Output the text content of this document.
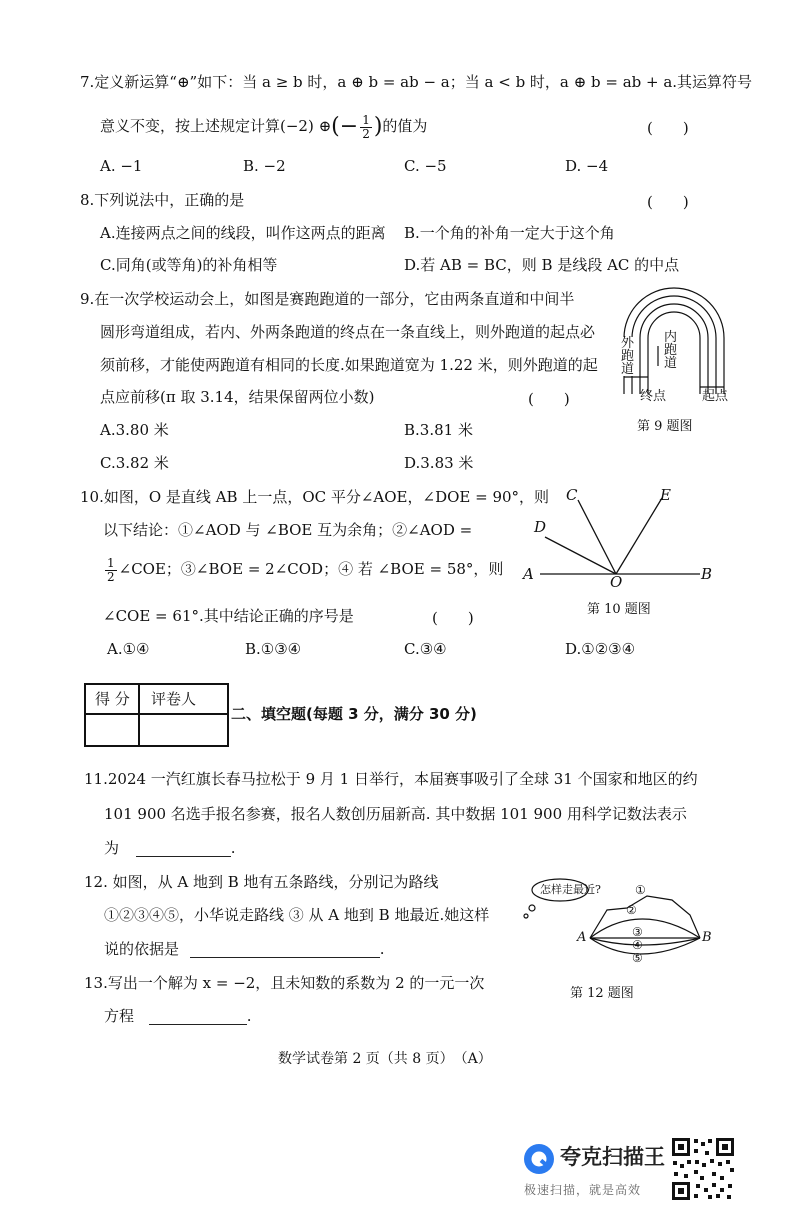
7.定义新运算“⊕”如下：当 a ≥ b 时，a ⊕ b = ab − a；当 a < b 时，a ⊕ b = ab + a.其运算符号
意义不变，按上述规定计算(−2) ⊕(− $\frac{1}{2}$ )的值为	(　　)
A. −1	B. −2	C. −5	D. −4
8.下列说法中，正确的是	(　　)
A.连接两点之间的线段，叫作这两点的距离 B.一个角的补角一定大于这个角
C.同角(或等角)的补角相等	D.若 AB = BC，则 B 是线段 AC 的中点
9.在一次学校运动会上，如图是赛跑跑道的一部分，它由两条直道和中间半
圆形弯道组成，若内、外两条跑道的终点在一条直线上，则外跑道的起点必
须前移，才能使两跑道有相同的长度.如果跑道宽为 1.22 米，则外跑道的起
点应前移(π 取 3.14，结果保留两位小数)	(　　)
A.3.80 米	B.3.81 米
C.3.82 米	D.3.83 米
外跑道
内跑道
终点	起点
第 9 题图
10.如图，O 是直线 AB 上一点，OC 平分∠AOE，∠DOE = 90°，则
以下结论：①∠AOD 与 ∠BOE 互为余角；②∠AOD =
$\frac{1}{2}$ ∠COE；③∠BOE = 2∠COD；④ 若 ∠BOE = 58°，则
∠COE = 61°.其中结论正确的序号是	(　　)
A.①④	B.①③④	C.③④	D.①②③④
C	E
D
A	O	B
第 10 题图
得 分 评卷人
二、填空题(每题 3 分，满分 30 分)
11.2024 一汽红旗长春马拉松于 9 月 1 日举行，本届赛事吸引了全球 31 个国家和地区的约
101 900 名选手报名参赛，报名人数创历届新高. 其中数据 101 900 用科学记数法表示
为	.
12. 如图，从 A 地到 B 地有五条路线，分别记为路线
①②③④⑤，小华说走路线 ③ 从 A 地到 B 地最近.她这样
说的依据是	.
怎样走最近?	①
②
③
④
⑤
A	B
第 12 题图
13.写出一个解为 x = −2，且未知数的系数为 2 的一元一次
方程	.
数学试卷第 2 页（共 8 页）　（A）
夸克扫描王
极速扫描，就是高效
